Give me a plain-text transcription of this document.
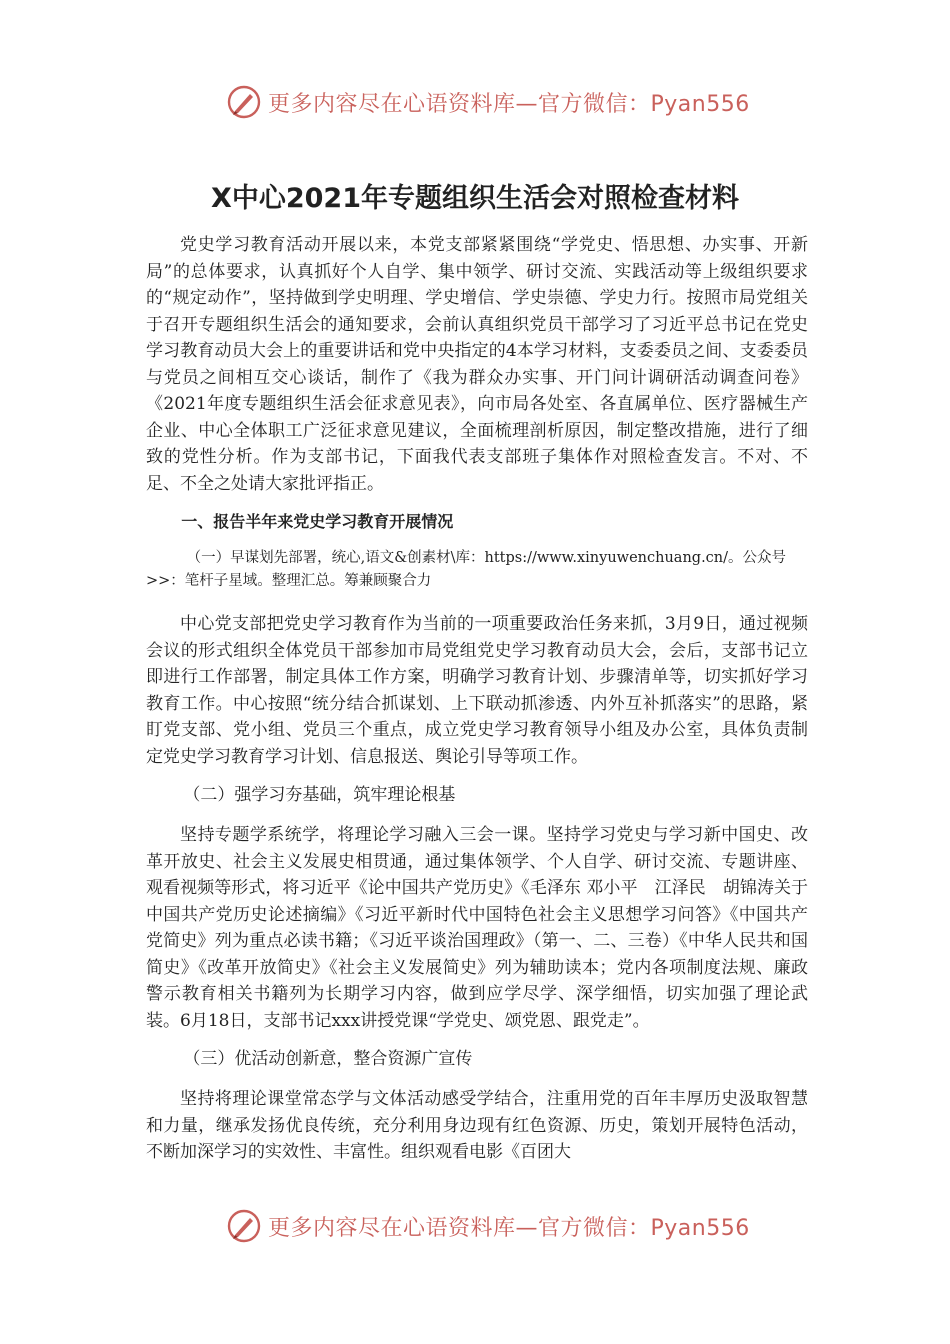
更多内容尽在心语资料库—官方微信：Pyan556
X中心2021年专题组织生活会对照检查材料

党史学习教育活动开展以来，本党支部紧紧围绕“学党史、悟思想、办实事、开新局”的总体要求，认真抓好个人自学、集中领学、研讨交流、实践活动等上级组织要求的“规定动作”，坚持做到学史明理、学史增信、学史崇德、学史力行。按照市局党组关于召开专题组织生活会的通知要求，会前认真组织党员干部学习了习近平总书记在党史学习教育动员大会上的重要讲话和党中央指定的4本学习材料，支委委员之间、支委委员与党员之间相互交心谈话，制作了《我为群众办实事、开门问计调研活动调查问卷》《2021年度专题组织生活会征求意见表》，向市局各处室、各直属单位、医疗器械生产企业、中心全体职工广泛征求意见建议，全面梳理剖析原因，制定整改措施，进行了细致的党性分析。作为支部书记，下面我代表支部班子集体作对照检查发言。不对、不足、不全之处请大家批评指正。

一、报告半年来党史学习教育开展情况

（一）早谋划先部署，统心,语文&创素材\库：https://www.xinyuwenchuang.cn/。公众号>>：笔杆子星域。整理汇总。筹兼顾聚合力

中心党支部把党史学习教育作为当前的一项重要政治任务来抓，3月9日，通过视频会议的形式组织全体党员干部参加市局党组党史学习教育动员大会，会后，支部书记立即进行工作部署，制定具体工作方案，明确学习教育计划、步骤清单等，切实抓好学习教育工作。中心按照“统分结合抓谋划、上下联动抓渗透、内外互补抓落实”的思路，紧盯党支部、党小组、党员三个重点，成立党史学习教育领导小组及办公室，具体负责制定党史学习教育学习计划、信息报送、舆论引导等项工作。

（二）强学习夯基础，筑牢理论根基

坚持专题学系统学，将理论学习融入三会一课。坚持学习党史与学习新中国史、改革开放史、社会主义发展史相贯通，通过集体领学、个人自学、研讨交流、专题讲座、观看视频等形式，将习近平《论中国共产党历史》《毛泽东 邓小平　江泽民　胡锦涛关于中国共产党历史论述摘编》《习近平新时代中国特色社会主义思想学习问答》《中国共产党简史》列为重点必读书籍；《习近平谈治国理政》（第一、二、三卷）《中华人民共和国简史》《改革开放简史》《社会主义发展简史》列为辅助读本；党内各项制度法规、廉政警示教育相关书籍列为长期学习内容，做到应学尽学、深学细悟，切实加强了理论武装。6月18日，支部书记xxx讲授党课“学党史、颂党恩、跟党走”。

（三）优活动创新意，整合资源广宣传

坚持将理论课堂常态学与文体活动感受学结合，注重用党的百年丰厚历史汲取智慧和力量，继承发扬优良传统，充分利用身边现有红色资源、历史，策划开展特色活动，不断加深学习的实效性、丰富性。组织观看电影《百团大

更多内容尽在心语资料库—官方微信：Pyan556
